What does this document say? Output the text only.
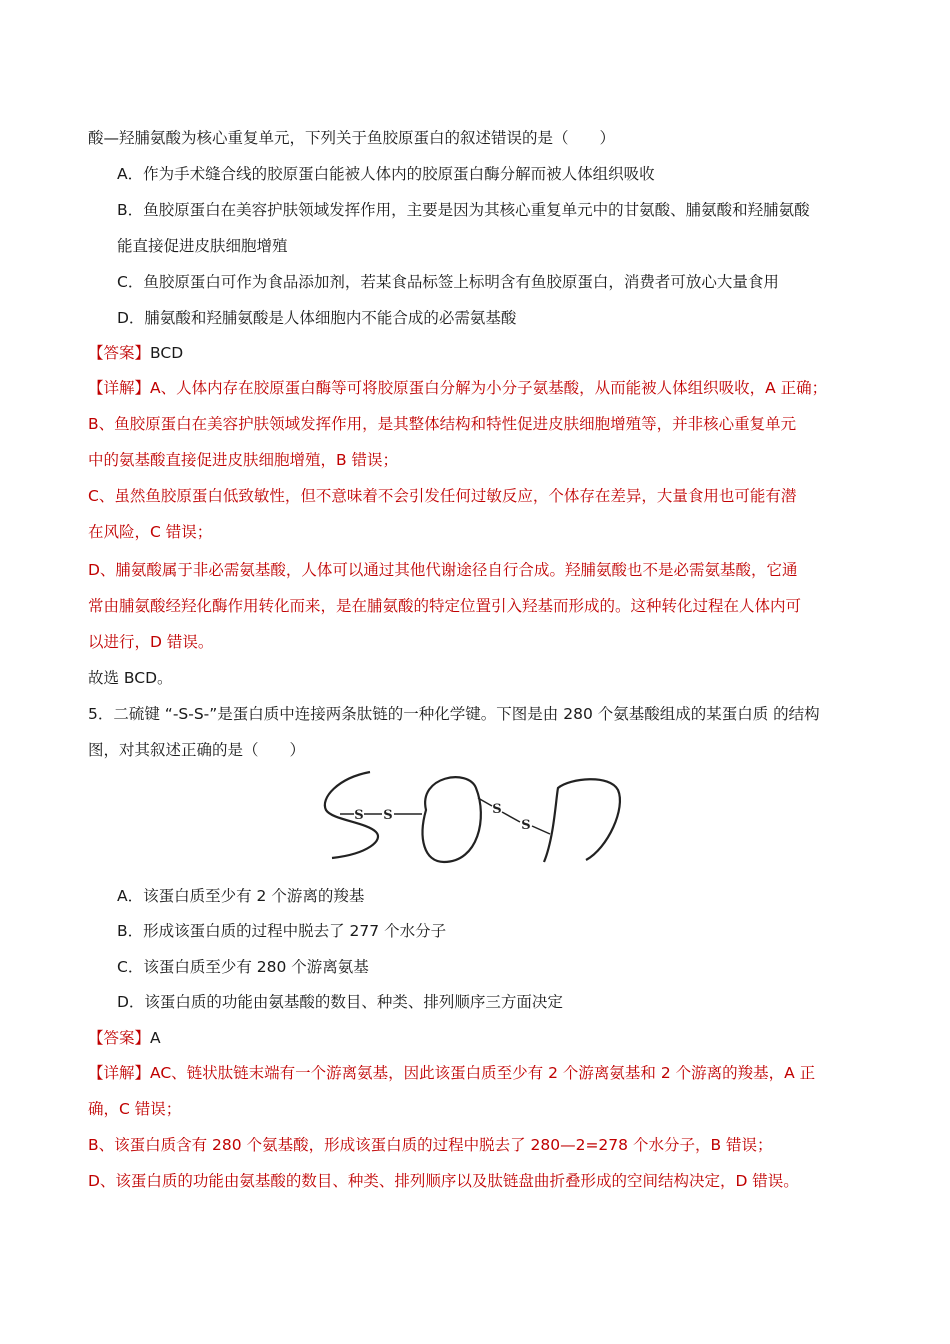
酸—羟脯氨酸为核心重复单元，下列关于鱼胶原蛋白的叙述错误的是（　　）
A．作为手术缝合线的胶原蛋白能被人体内的胶原蛋白酶分解而被人体组织吸收
B．鱼胶原蛋白在美容护肤领域发挥作用，主要是因为其核心重复单元中的甘氨酸、脯氨酸和羟脯氨酸
能直接促进皮肤细胞增殖
C．鱼胶原蛋白可作为食品添加剂，若某食品标签上标明含有鱼胶原蛋白，消费者可放心大量食用
D．脯氨酸和羟脯氨酸是人体细胞内不能合成的必需氨基酸
【答案】BCD
【详解】A、人体内存在胶原蛋白酶等可将胶原蛋白分解为小分子氨基酸，从而能被人体组织吸收，A 正确；
B、鱼胶原蛋白在美容护肤领域发挥作用，是其整体结构和特性促进皮肤细胞增殖等，并非核心重复单元
中的氨基酸直接促进皮肤细胞增殖，B 错误；
C、虽然鱼胶原蛋白低致敏性，但不意味着不会引发任何过敏反应，个体存在差异，大量食用也可能有潜
在风险，C 错误；
D、脯氨酸属于非必需氨基酸，人体可以通过其他代谢途径自行合成。羟脯氨酸也不是必需氨基酸，它通
常由脯氨酸经羟化酶作用转化而来，是在脯氨酸的特定位置引入羟基而形成的。这种转化过程在人体内可
以进行，D 错误。
故选 BCD。
5．二硫键 “-S-S-”是蛋白质中连接两条肽链的一种化学键。下图是由 280 个氨基酸组成的某蛋白质 的结构
图，对其叙述正确的是（　　）
S S	S
S
A．该蛋白质至少有 2 个游离的羧基
B．形成该蛋白质的过程中脱去了 277 个水分子
C．该蛋白质至少有 280 个游离氨基
D．该蛋白质的功能由氨基酸的数目、种类、排列顺序三方面决定
【答案】A
【详解】AC、链状肽链末端有一个游离氨基，因此该蛋白质至少有 2 个游离氨基和 2 个游离的羧基，A 正
确，C 错误；
B、该蛋白质含有 280 个氨基酸，形成该蛋白质的过程中脱去了 280—2=278 个水分子，B 错误；
D、该蛋白质的功能由氨基酸的数目、种类、排列顺序以及肽链盘曲折叠形成的空间结构决定，D 错误。
